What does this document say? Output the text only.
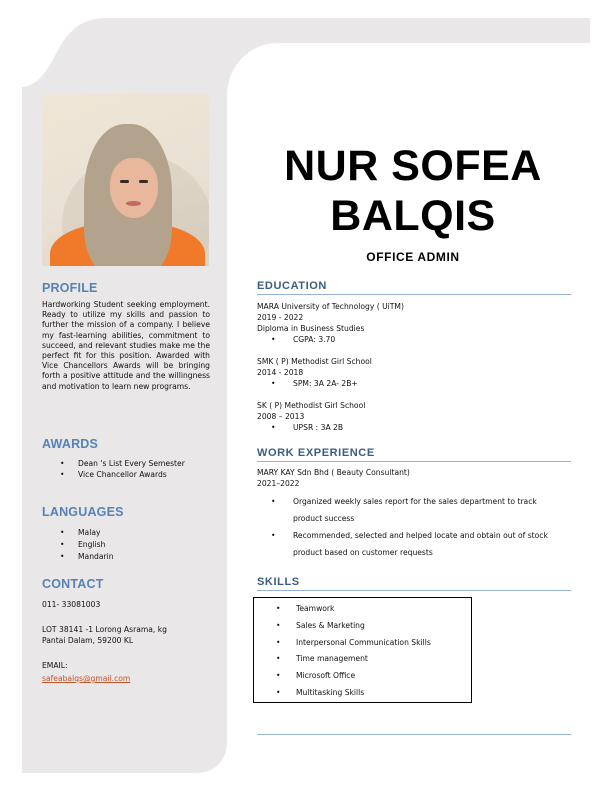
PROFILE
Hardworking Student seeking employment. Ready to utilize my skills and passion to further the mission of a company. I believe my fast-learning abilities, commitment to succeed, and relevant studies make me the perfect fit for this position. Awarded with Vice Chancellors Awards will be bringing forth a positive attitude and the willingness and motivation to learn new programs.
AWARDS
• Dean 's List Every Semester
• Vice Chancellor Awards
LANGUAGES
• Malay
• English
• Mandarin
CONTACT
011- 33081003
LOT 38141 -1 Lorong Asrama, kg
Pantai Dalam, 59200 KL
EMAIL:
safeabalqs@gmail.com
NUR SOFEA
BALQIS
OFFICE ADMIN
EDUCATION
MARA University of Technology ( UiTM)
2019 - 2022
Diploma in Business Studies
• CGPA: 3.70
SMK ( P) Methodist Girl School
2014 - 2018
• SPM: 3A 2A- 2B+
SK ( P) Methodist Girl School
2008 – 2013
• UPSR : 3A 2B
WORK EXPERIENCE
MARY KAY Sdn Bhd ( Beauty Consultant)
2021–2022
• Organized weekly sales report for the sales department to track product success
• Recommended, selected and helped locate and obtain out of stock product based on customer requests
SKILLS
• Teamwork
• Sales & Marketing
• Interpersonal Communication Skills
• Time management
• Microsoft Office
• Multitasking Skills
